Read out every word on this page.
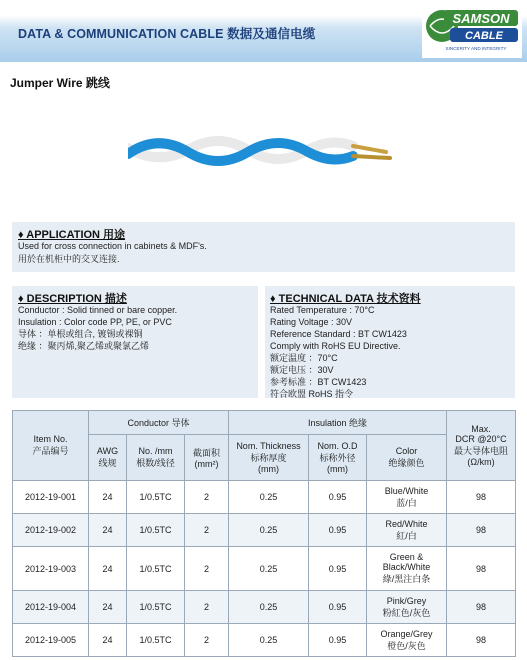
DATA & COMMUNICATION CABLE 数据及通信电缆
SAMSON
CABLE
SINCERITY AND INTEGRITY
Jumper Wire 跳线
♦ APPLICATION 用途
Used for cross connection in cabinets & MDF's.
用於在机柜中的交叉连接.
♦ DESCRIPTION 描述
Conductor : Solid tinned or bare copper.
Insulation : Color code PP, PE, or PVC
导体 ：单根或组合, 镀锡或裸铜
绝缘 ：聚丙烯,聚乙烯或聚氯乙烯
♦ TECHNICAL DATA 技术资料
Rated Temperature : 70°C
Rating Voltage : 30V
Reference Standard : BT CW1423
Comply with RoHS EU Directive.
额定温度 ：70°C
额定电压 ：30V
参考标准 ：BT CW1423
符合欧盟 RoHS 指令
Item No.
产品编号	Conductor 导体			Insulation 绝缘			Max.
DCR @20°C
最大导体电阻
(Ω/km)

	AWG
线规	No. /mm
根数/线径	截面积
(mm²)	Nom. Thickness
标称厚度
(mm)	Nom. O.D
标称外径
(mm)	Color
绝缘颜色	

2012-19-001	24	1/0.5TC	2	0.25	0.95	Blue/White
蓝/白	98
2012-19-002	24	1/0.5TC	2	0.25	0.95	Red/White
紅/白	98
2012-19-003	24	1/0.5TC	2	0.25	0.95	Green &
Black/White
綠/黑注白条	98
2012-19-004	24	1/0.5TC	2	0.25	0.95	Pink/Grey
粉紅色/灰色	98
2012-19-005	24	1/0.5TC	2	0.25	0.95	Orange/Grey
橙色/灰色	98
